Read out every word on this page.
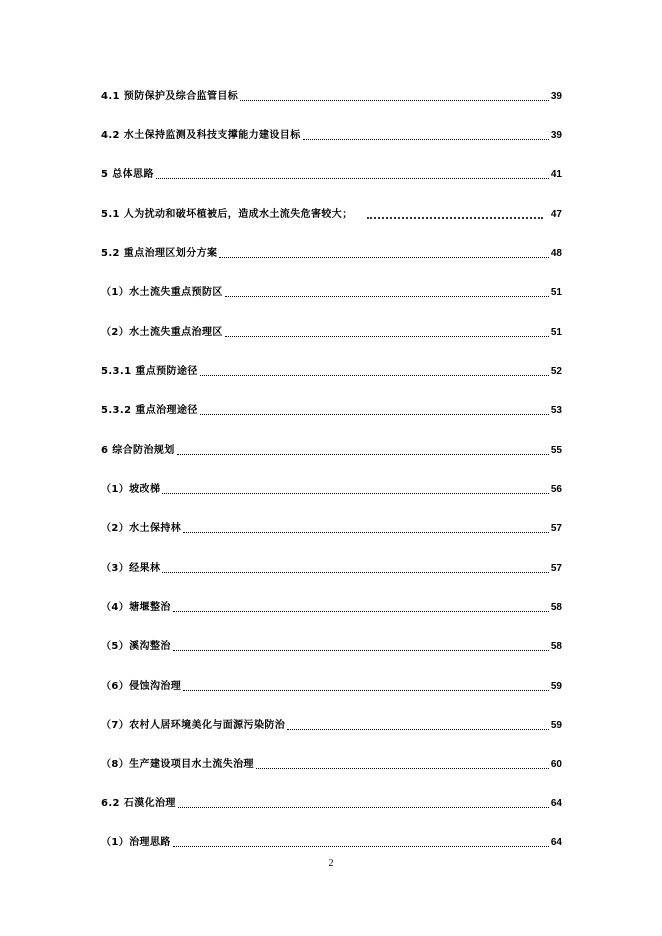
4.1 预防保护及综合监管目标	39
4.2 水土保持监测及科技支撑能力建设目标	39
5 总体思路	41
5.1 人为扰动和破坏植被后，造成水土流失危害较大；	47
5.2 重点治理区划分方案	48
（1）水土流失重点预防区	51
（2）水土流失重点治理区	51
5.3.1 重点预防途径	52
5.3.2 重点治理途径	53
6 综合防治规划	55
（1）坡改梯	56
（2）水土保持林	57
（3）经果林	57
（4）塘堰整治	58
（5）溪沟整治	58
（6）侵蚀沟治理	59
（7）农村人居环境美化与面源污染防治	59
（8）生产建设项目水土流失治理	60
6.2 石漠化治理	64
（1）治理思路	64
2
